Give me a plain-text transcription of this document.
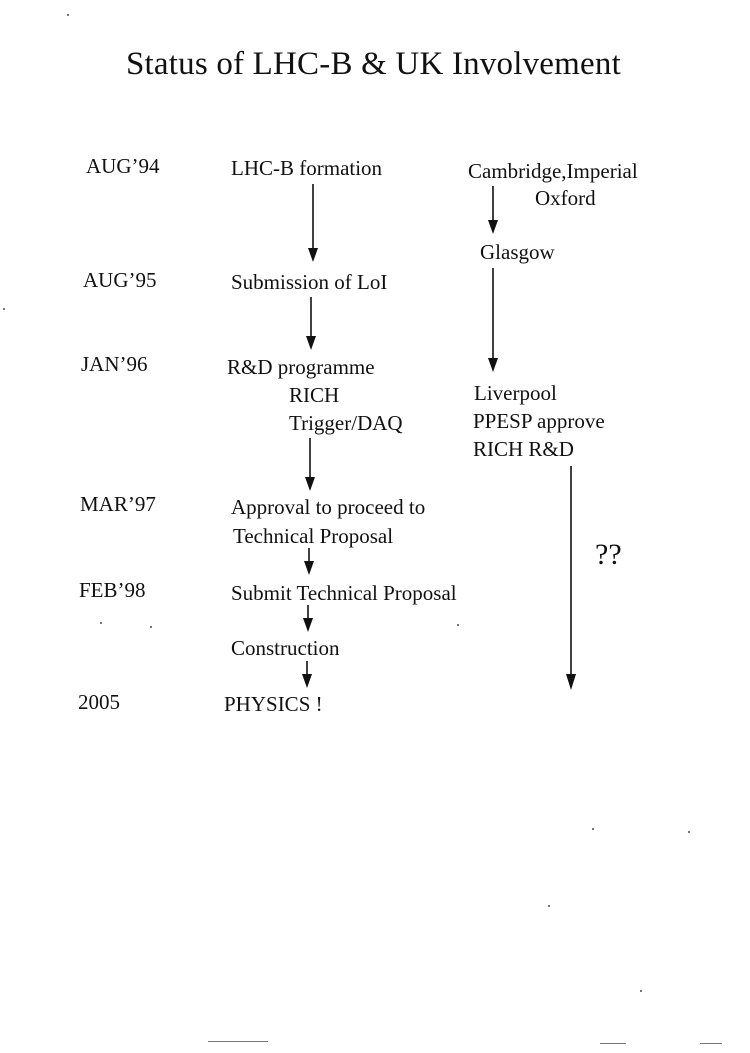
Status of LHC-B & UK Involvement
AUG’94
AUG’95
JAN’96
MAR’97
FEB’98
2005
LHC-B formation
Submission of LoI
R&D programme
RICH
Trigger/DAQ
Approval to proceed to
Technical Proposal
Submit Technical Proposal
Construction
PHYSICS !
Cambridge,Imperial
Oxford
Glasgow
Liverpool
PPESP approve
RICH R&D
??
